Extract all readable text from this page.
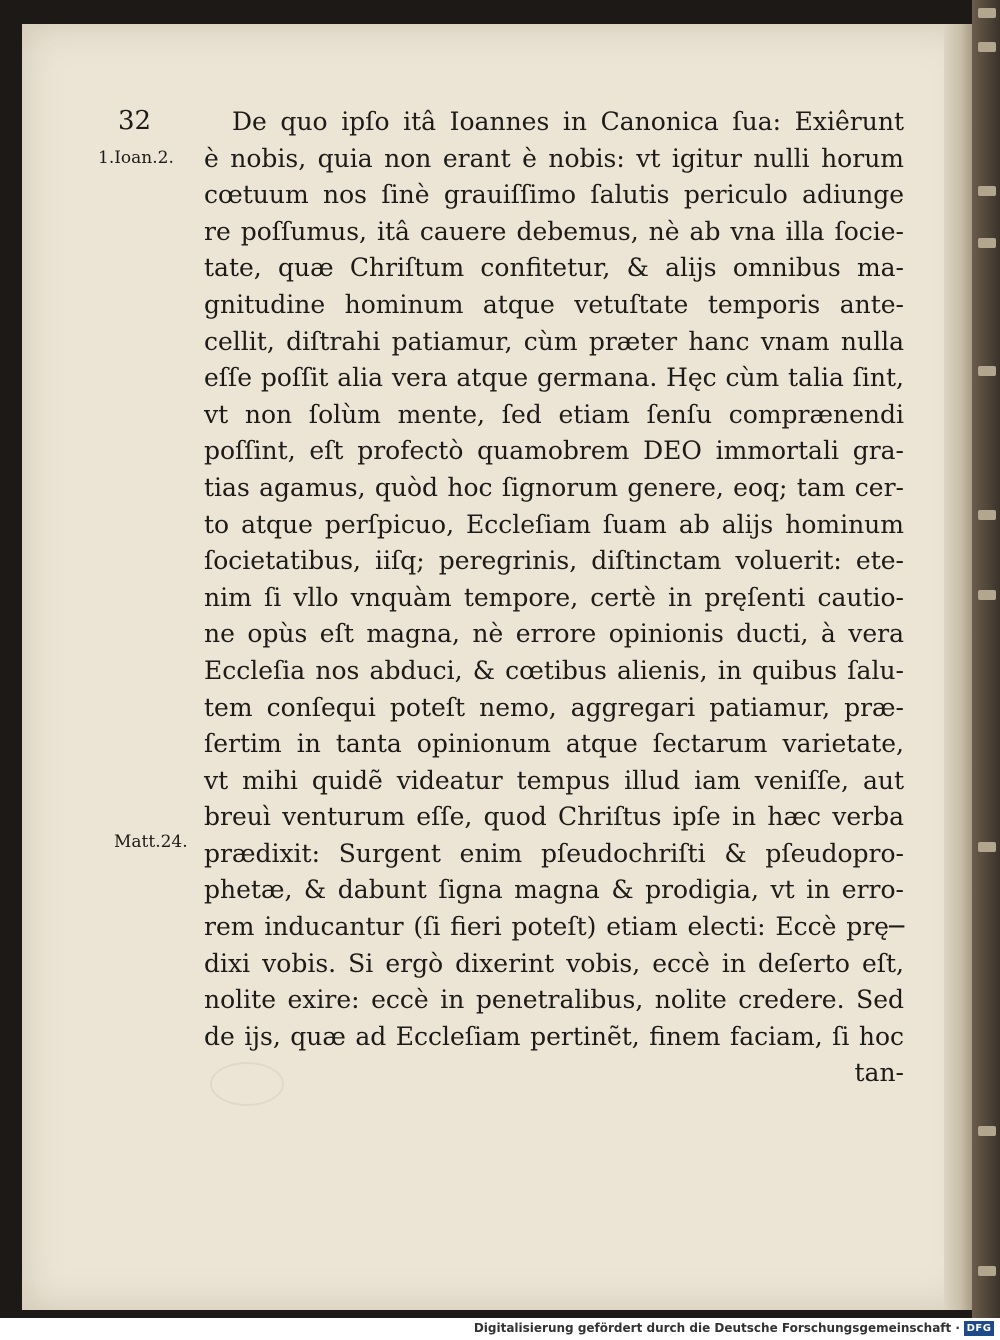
32
1.Ioan.2.
Matt.24.
De quo ipſo itâ Ioannes in Canonica ſua: Exiêrunt
è nobis, quia non erant è nobis: vt igitur nulli horum
cœtuum nos ſinè grauiſſimo ſalutis periculo adiunge
re poſſumus, itâ cauere debemus, nè ab vna illa ſocie-
tate, quæ Chriſtum confitetur, & alijs omnibus ma-
gnitudine hominum atque vetuſtate temporis ante-
cellit, diſtrahi patiamur, cùm præter hanc vnam nulla
eſſe poſſit alia vera atque germana. Hęc cùm talia ſint,
vt non ſolùm mente, ſed etiam ſenſu comprænendi
poſſint, eſt profectò quamobrem DEO immortali gra-
tias agamus, quòd hoc ſignorum genere, eoq; tam cer-
to atque perſpicuo, Eccleſiam ſuam ab alijs hominum
ſocietatibus, iiſq; peregrinis, diſtinctam voluerit: ete-
nim ſi vllo vnquàm tempore, certè in pręſenti cautio-
ne opùs eſt magna, nè errore opinionis ducti, à vera
Eccleſia nos abduci, & cœtibus alienis, in quibus ſalu-
tem conſequi poteſt nemo, aggregari patiamur, præ-
ſertim in tanta opinionum atque ſectarum varietate,
vt mihi quidẽ videatur tempus illud iam veniſſe, aut
breuì venturum eſſe, quod Chriſtus ipſe in hæc verba
prædixit: Surgent enim pſeudochriſti & pſeudopro-
phetæ, & dabunt ſigna magna & prodigia, vt in erro-
rem inducantur (ſi fieri poteſt) etiam electi: Eccè prę─
dixi vobis. Si ergò dixerint vobis, eccè in deſerto eſt,
nolite exire: eccè in penetralibus, nolite credere. Sed
de ijs, quæ ad Eccleſiam pertinẽt, finem faciam, ſi hoc
tan-
Digitalisierung gefördert durch die Deutsche Forschungsgemeinschaft · DFG
